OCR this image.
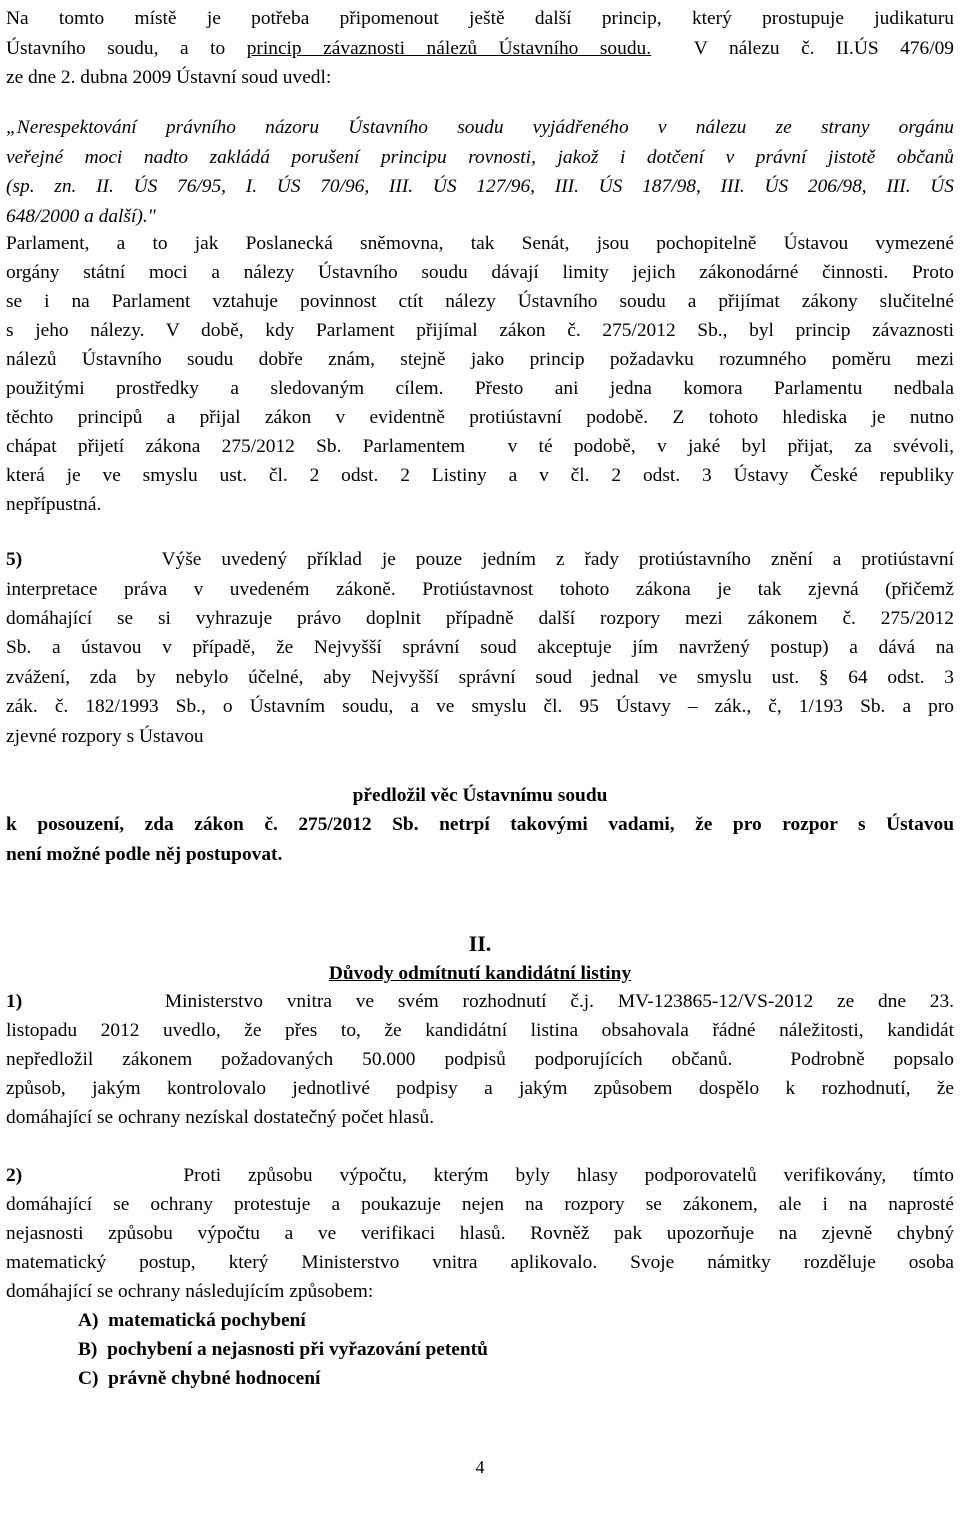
Na tomto místě je potřeba připomenout ještě další princip, který prostupuje judikaturu
Ústavního soudu, a to princip závaznosti nálezů Ústavního soudu.  V nálezu č. II.ÚS 476/09
ze dne 2. dubna 2009 Ústavní soud uvedl:
„Nerespektování právního názoru Ústavního soudu vyjádřeného v nálezu ze strany orgánu
veřejné moci nadto zakládá porušení principu rovnosti, jakož i dotčení v právní jistotě občanů
(sp. zn. II. ÚS 76/95, I. ÚS 70/96, III. ÚS 127/96, III. ÚS 187/98, III. ÚS 206/98, III. ÚS
648/2000 a další)."
Parlament, a to jak Poslanecká sněmovna, tak Senát, jsou pochopitelně Ústavou vymezené
orgány státní moci a nálezy Ústavního soudu dávají limity jejich zákonodárné činnosti. Proto
se i na Parlament vztahuje povinnost ctít nálezy Ústavního soudu a přijímat zákony slučitelné
s jeho nálezy. V době, kdy Parlament přijímal zákon č. 275/2012 Sb., byl princip závaznosti
nálezů Ústavního soudu dobře znám, stejně jako princip požadavku rozumného poměru mezi
použitými prostředky a sledovaným cílem. Přesto ani jedna komora Parlamentu nedbala
těchto principů a přijal zákon v evidentně protiústavní podobě. Z tohoto hlediska je nutno
chápat přijetí zákona 275/2012 Sb. Parlamentem  v té podobě, v jaké byl přijat, za svévoli,
která je ve smyslu ust. čl. 2 odst. 2 Listiny a v čl. 2 odst. 3 Ústavy České republiky
nepřípustná.
5)       Výše uvedený příklad je pouze jedním z řady protiústavního znění a protiústavní
interpretace práva v uvedeném zákoně. Protiústavnost tohoto zákona je tak zjevná (přičemž
domáhající se si vyhrazuje právo doplnit případně další rozpory mezi zákonem č. 275/2012
Sb. a ústavou v případě, že Nejvyšší správní soud akceptuje jím navržený postup) a dává na
zvážení, zda by nebylo účelné, aby Nejvyšší správní soud jednal ve smyslu ust. § 64 odst. 3
zák. č. 182/1993 Sb., o Ústavním soudu, a ve smyslu čl. 95 Ústavy – zák., č, 1/193 Sb. a pro
zjevné rozpory s Ústavou
předložil věc Ústavnímu soudu
k posouzení, zda zákon č. 275/2012 Sb. netrpí takovými vadami, že pro rozpor s Ústavou
není možné podle něj postupovat.
II.
Důvody odmítnutí kandidátní listiny
1)      Ministerstvo vnitra ve svém rozhodnutí č.j. MV-123865-12/VS-2012 ze dne 23.
listopadu 2012 uvedlo, že přes to, že kandidátní listina obsahovala řádné náležitosti, kandidát
nepředložil zákonem požadovaných 50.000 podpisů podporujících občanů.  Podrobně popsalo
způsob, jakým kontrolovalo jednotlivé podpisy a jakým způsobem dospělo k rozhodnutí, že
domáhající se ochrany nezískal dostatečný počet hlasů.
2)      Proti způsobu výpočtu, kterým byly hlasy podporovatelů verifikovány, tímto
domáhající se ochrany protestuje a poukazuje nejen na rozpory se zákonem, ale i na naprosté
nejasnosti způsobu výpočtu a ve verifikaci hlasů. Rovněž pak upozorňuje na zjevně chybný
matematický postup, který Ministerstvo vnitra aplikovalo. Svoje námitky rozděluje osoba
domáhající se ochrany následujícím způsobem:
A)  matematická pochybení
B)  pochybení a nejasnosti při vyřazování petentů
C)  právně chybné hodnocení
4
